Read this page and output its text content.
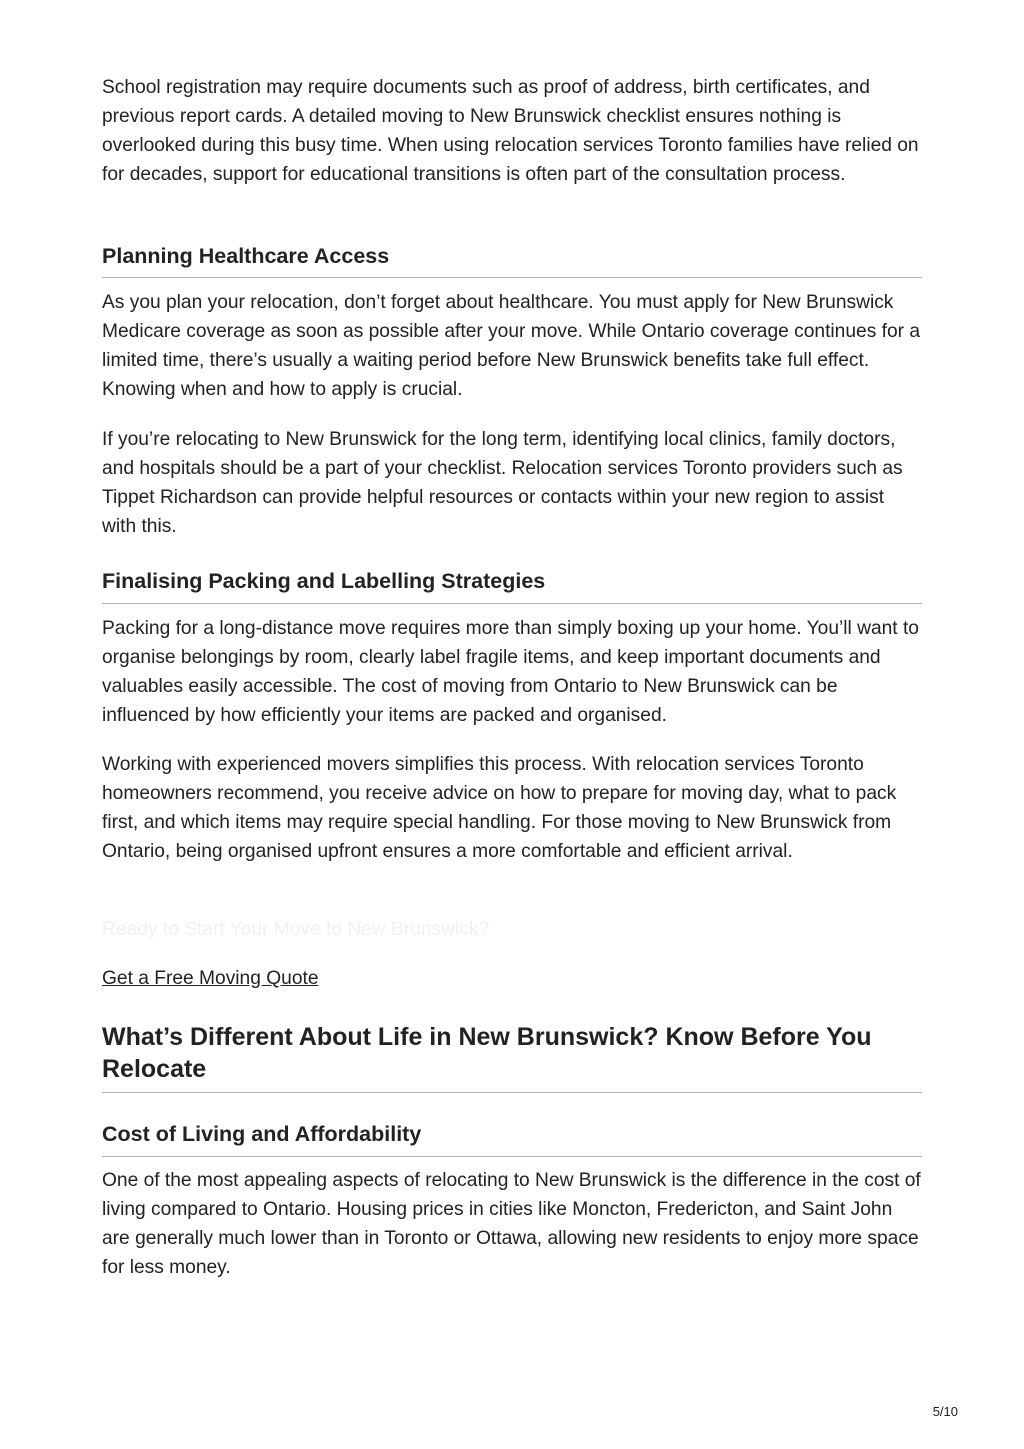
School registration may require documents such as proof of address, birth certificates, and previous report cards. A detailed moving to New Brunswick checklist ensures nothing is overlooked during this busy time. When using relocation services Toronto families have relied on for decades, support for educational transitions is often part of the consultation process.

Planning Healthcare Access

As you plan your relocation, don’t forget about healthcare. You must apply for New Brunswick Medicare coverage as soon as possible after your move. While Ontario coverage continues for a limited time, there’s usually a waiting period before New Brunswick benefits take full effect. Knowing when and how to apply is crucial.

If you’re relocating to New Brunswick for the long term, identifying local clinics, family doctors, and hospitals should be a part of your checklist. Relocation services Toronto providers such as Tippet Richardson can provide helpful resources or contacts within your new region to assist with this.

Finalising Packing and Labelling Strategies

Packing for a long-distance move requires more than simply boxing up your home. You’ll want to organise belongings by room, clearly label fragile items, and keep important documents and valuables easily accessible. The cost of moving from Ontario to New Brunswick can be influenced by how efficiently your items are packed and organised.

Working with experienced movers simplifies this process. With relocation services Toronto homeowners recommend, you receive advice on how to prepare for moving day, what to pack first, and which items may require special handling. For those moving to New Brunswick from Ontario, being organised upfront ensures a more comfortable and efficient arrival.

Ready to Start Your Move to New Brunswick?
Get a Free Moving Quote
What’s Different About Life in New Brunswick? Know Before You Relocate
Cost of Living and Affordability

One of the most appealing aspects of relocating to New Brunswick is the difference in the cost of living compared to Ontario. Housing prices in cities like Moncton, Fredericton, and Saint John are generally much lower than in Toronto or Ottawa, allowing new residents to enjoy more space for less money.

5/10
